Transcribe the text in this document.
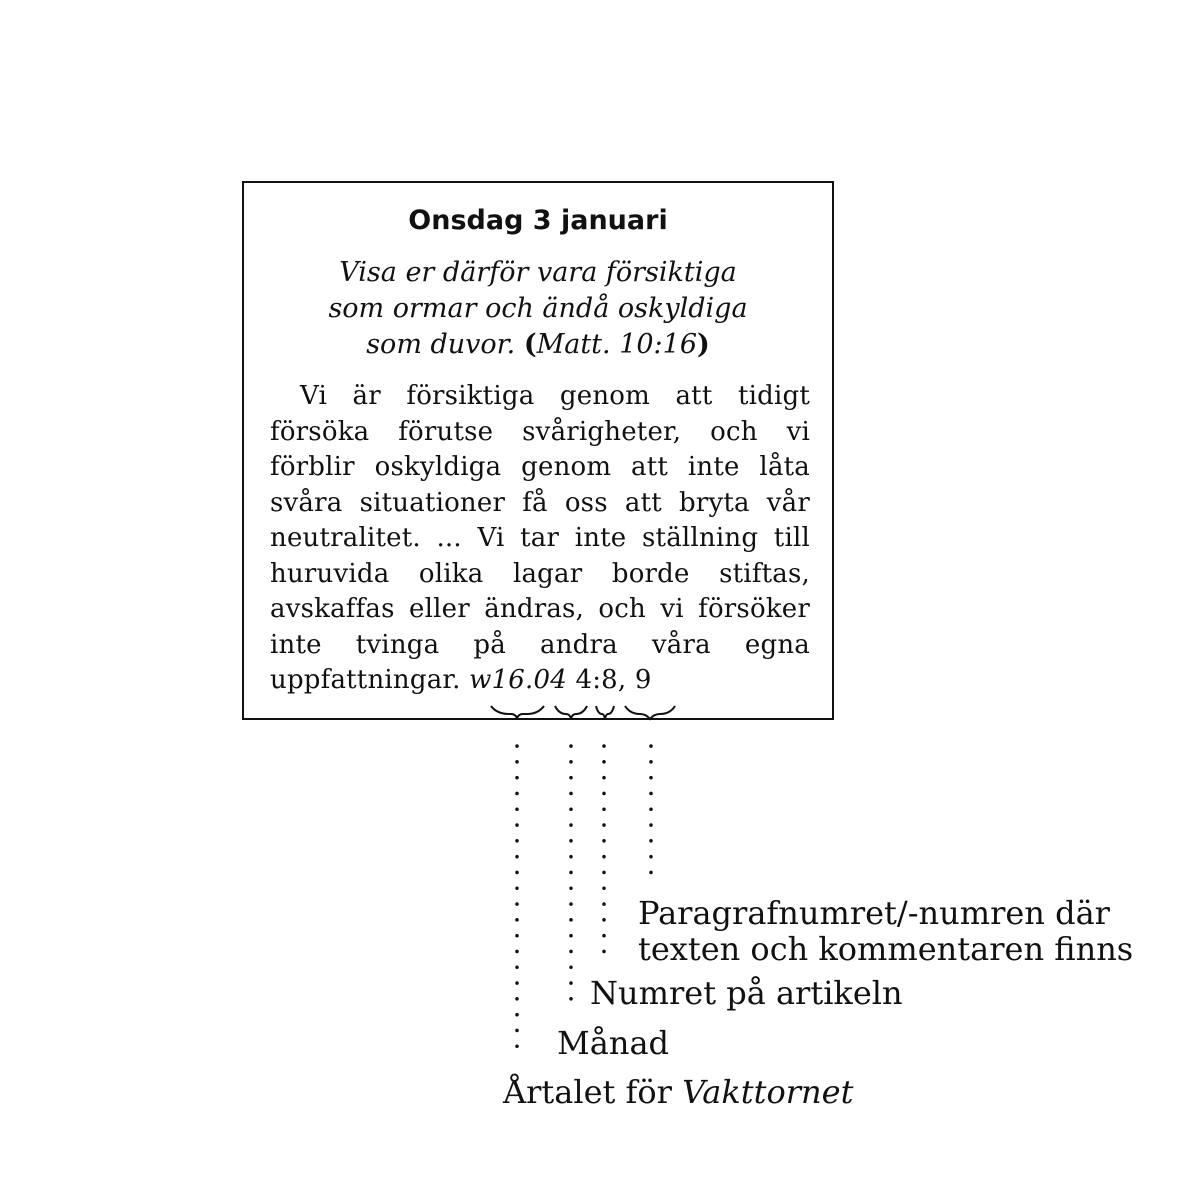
Onsdag 3 januari
Visa er därför vara försiktiga
som ormar och ändå oskyldiga
som duvor. (Matt. 10:16)
Vi är försiktiga genom att tidigt försöka förutse svårigheter, och vi förblir oskyldiga genom att inte låta svåra situationer få oss att bryta vår neutralitet. ... Vi tar inte ställning till huruvida olika lagar borde stiftas, avskaffas eller ändras, och vi försöker inte tvinga på andra våra egna uppfattningar. w16.04 4:8, 9
Paragrafnumret/-numren där
texten och kommentaren finns
Numret på artikeln
Månad
Årtalet för Vakttornet
